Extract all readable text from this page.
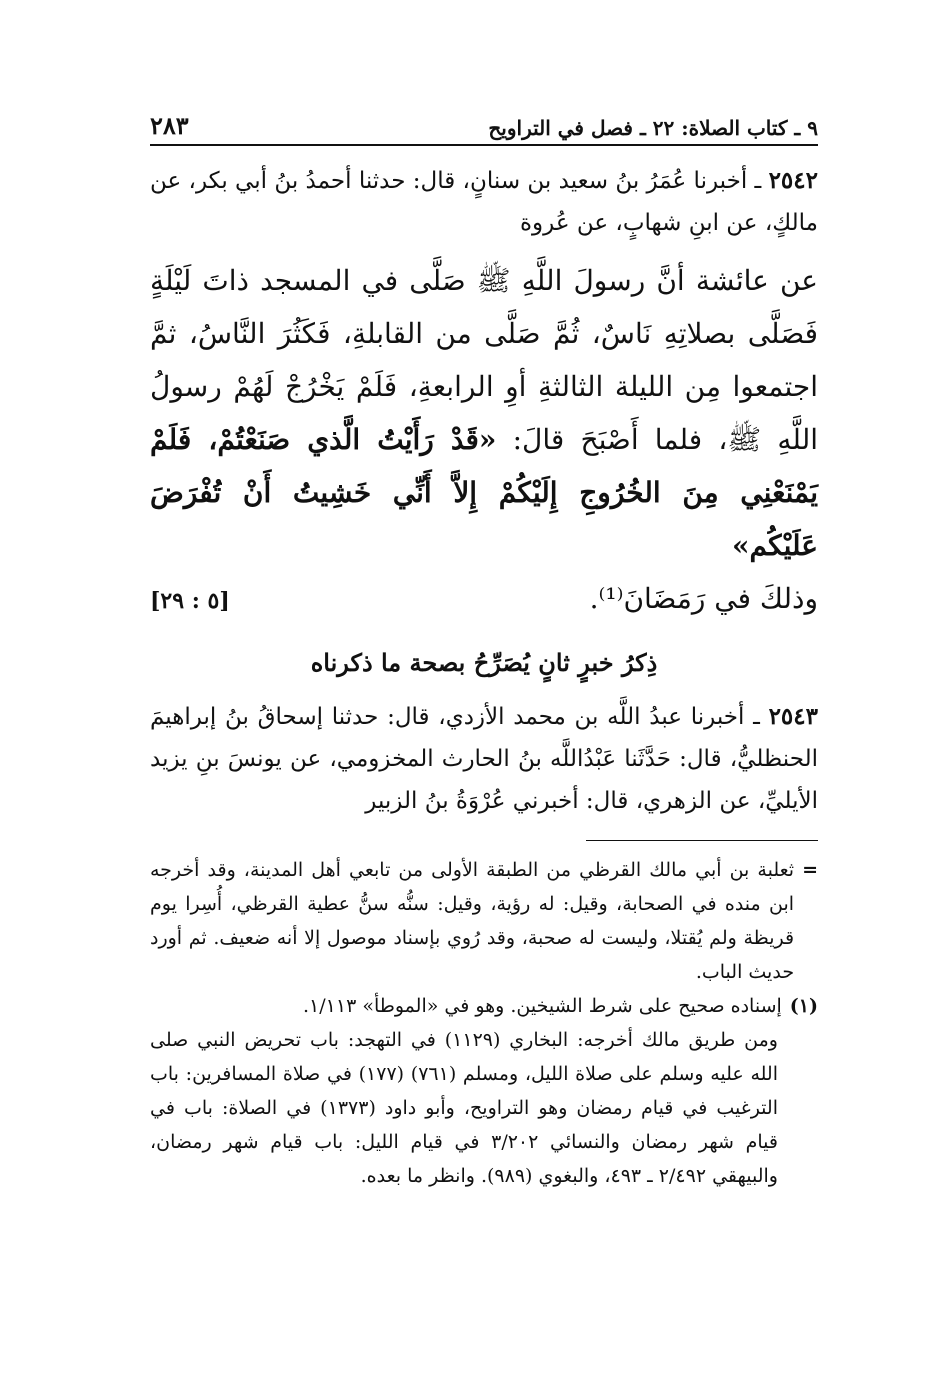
٩ ـ كتاب الصلاة: ٢٢ ـ فصل في التراويح
٢٨٣

٢٥٤٢ ـ أخبرنا عُمَرُ بنُ سعيد بن سنانٍ، قال: حدثنا أحمدُ بنُ أبي بكر، عن مالكٍ، عن ابنِ شهابٍ، عن عُروة

عن عائشة أنَّ رسولَ اللَّهِ ﷺ صَلَّى في المسجد ذاتَ لَيْلَةٍ فَصَلَّى بصلاتِهِ نَاسٌ، ثُمَّ صَلَّى من القابلةِ، فَكَثُرَ النَّاسُ، ثمَّ اجتمعوا مِن الليلة الثالثةِ أوِ الرابعةِ، فَلَمْ يَخْرُجْ لَهُمْ رسولُ اللَّهِ ﷺ، فلما أَصْبَحَ قالَ: «قَدْ رَأَيْتُ الَّذي صَنَعْتُمْ، فَلَمْ يَمْنَعْنِي مِنَ الخُرُوجِ إِلَيْكُمْ إِلاَّ أَنِّي خَشِيتُ أَنْ تُفْرَضَ عَلَيْكُم»
وذلكَ في رَمَضَانَ⁽¹⁾.
[٥ : ٢٩]
ذِكرُ خبرٍ ثانٍ يُصَرِّحُ بصحة ما ذكرناه

٢٥٤٣ ـ أخبرنا عبدُ اللَّه بن محمد الأزدي، قال: حدثنا إسحاقُ بنُ إبراهيمَ الحنظليُّ، قال: حَدَّثَنا عَبْدُاللَّه بنُ الحارث المخزومي، عن يونسَ بنِ يزيد الأيليِّ، عن الزهري، قال: أخبرني عُرْوَةُ بنُ الزبير

=
ثعلبة بن أبي مالك القرظي من الطبقة الأولى من تابعي أهل المدينة، وقد أخرجه ابن منده في الصحابة، وقيل: له رؤية، وقيل: سنُّه سنُّ عطية القرظي، أُسِرا يوم قريظة ولم يُقتلا، وليست له صحبة، وقد رُوي بإسناد موصول إلا أنه ضعيف. ثم أورد حديث الباب.
(١)
إسناده صحيح على شرط الشيخين. وهو في «الموطأ» ١/١١٣.
ومن طريق مالك أخرجه: البخاري (١١٢٩) في التهجد: باب تحريض النبي صلى الله عليه وسلم على صلاة الليل، ومسلم (٧٦١) (١٧٧) في صلاة المسافرين: باب الترغيب في قيام رمضان وهو التراويح، وأبو داود (١٣٧٣) في الصلاة: باب في قيام شهر رمضان والنسائي ٣/٢٠٢ في قيام الليل: باب قيام شهر رمضان، والبيهقي ٢/٤٩٢ ـ ٤٩٣، والبغوي (٩٨٩). وانظر ما بعده.
